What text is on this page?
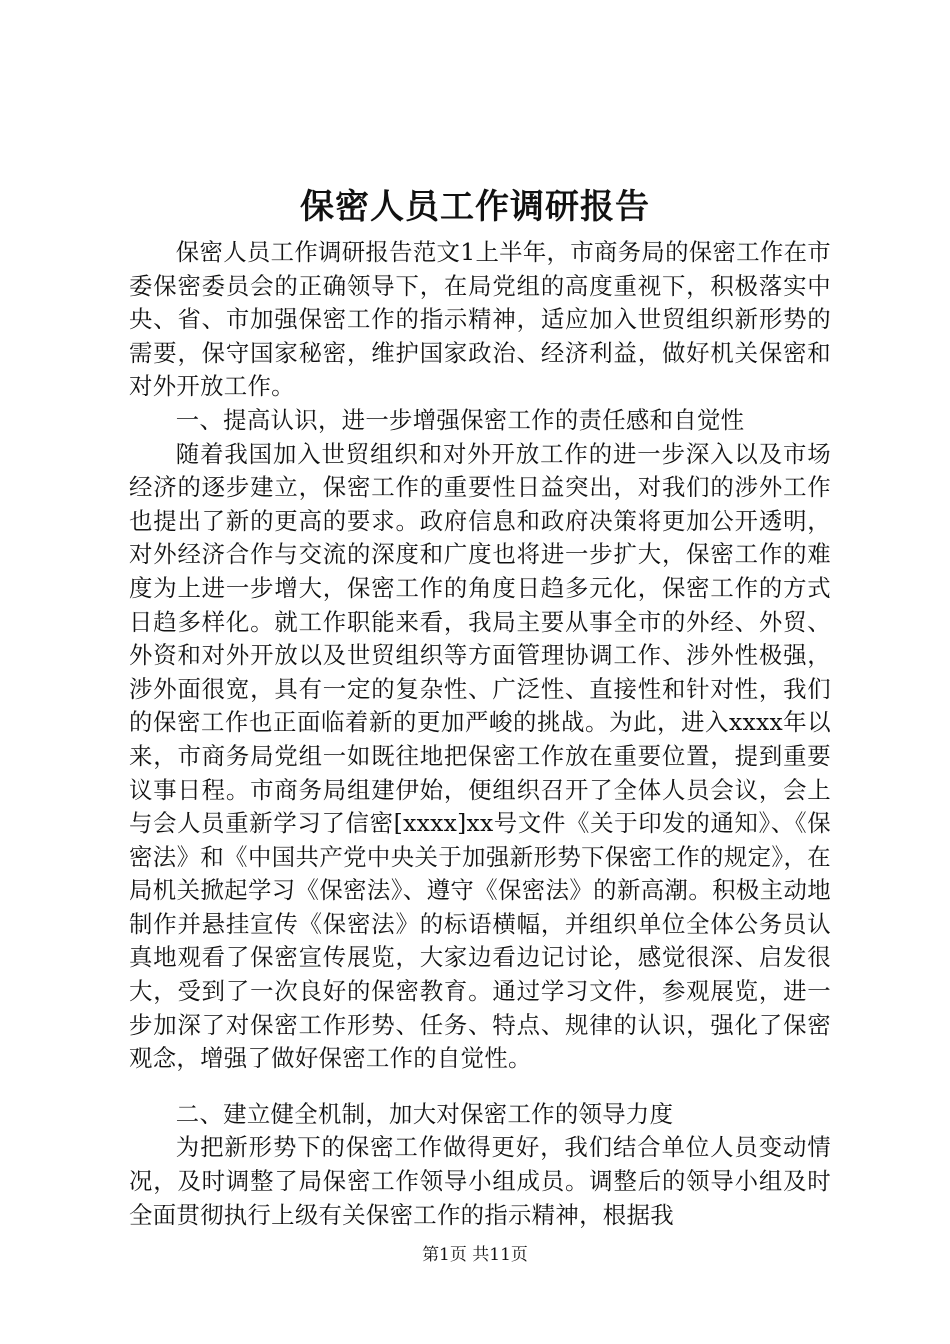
保密人员工作调研报告

保密人员工作调研报告范文1上半年，市商务局的保密工作在市委保密委员会的正确领导下，在局党组的高度重视下，积极落实中央、省、市加强保密工作的指示精神，适应加入世贸组织新形势的需要，保守国家秘密，维护国家政治、经济利益，做好机关保密和对外开放工作。

一、提高认识，进一步增强保密工作的责任感和自觉性

随着我国加入世贸组织和对外开放工作的进一步深入以及市场经济的逐步建立，保密工作的重要性日益突出，对我们的涉外工作也提出了新的更高的要求。政府信息和政府决策将更加公开透明，对外经济合作与交流的深度和广度也将进一步扩大，保密工作的难度为上进一步增大，保密工作的角度日趋多元化，保密工作的方式日趋多样化。就工作职能来看，我局主要从事全市的外经、外贸、外资和对外开放以及世贸组织等方面管理协调工作、涉外性极强，涉外面很宽，具有一定的复杂性、广泛性、直接性和针对性，我们的保密工作也正面临着新的更加严峻的挑战。为此，进入xxxx年以来，市商务局党组一如既往地把保密工作放在重要位置，提到重要议事日程。市商务局组建伊始，便组织召开了全体人员会议，会上与会人员重新学习了信密[xxxx]xx号文件《关于印发的通知》、《保密法》和《中国共产党中央关于加强新形势下保密工作的规定》，在局机关掀起学习《保密法》、遵守《保密法》的新高潮。积极主动地制作并悬挂宣传《保密法》的标语横幅，并组织单位全体公务员认真地观看了保密宣传展览，大家边看边记讨论，感觉很深、启发很大，受到了一次良好的保密教育。通过学习文件，参观展览，进一步加深了对保密工作形势、任务、特点、规律的认识，强化了保密观念，增强了做好保密工作的自觉性。

二、建立健全机制，加大对保密工作的领导力度

为把新形势下的保密工作做得更好，我们结合单位人员变动情况，及时调整了局保密工作领导小组成员。调整后的领导小组及时全面贯彻执行上级有关保密工作的指示精神，根据我

第1页 共11页
